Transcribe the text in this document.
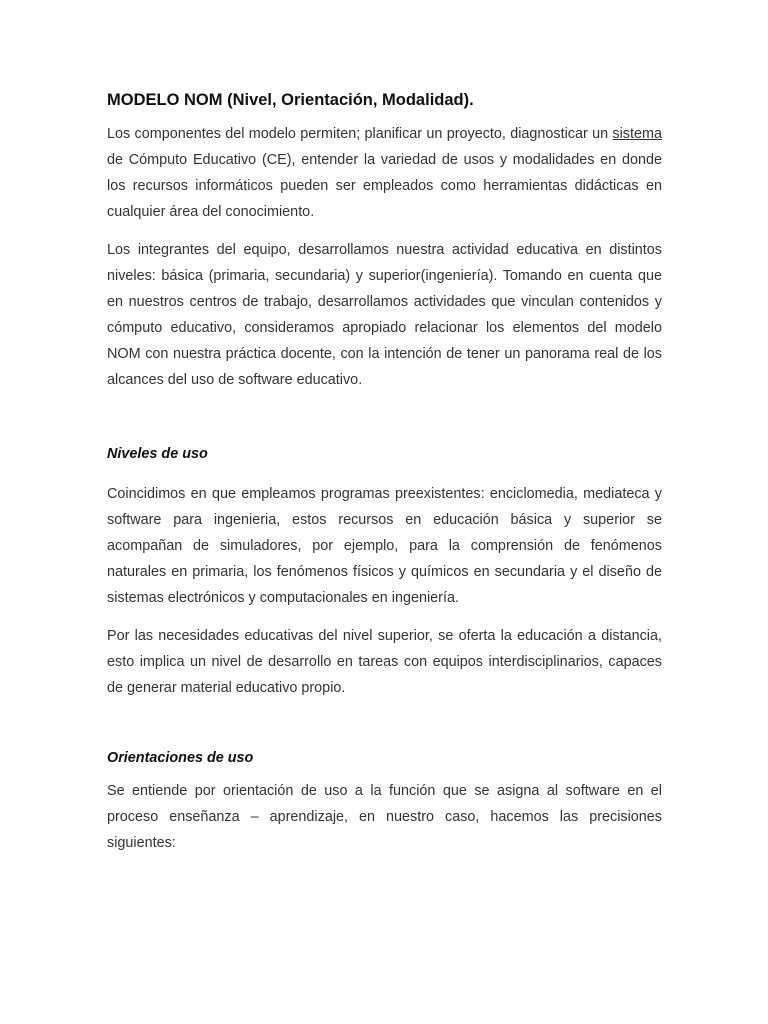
MODELO NOM (Nivel, Orientación, Modalidad).

Los componentes del modelo permiten; planificar un proyecto, diagnosticar un sistema de Cómputo Educativo (CE), entender la variedad de usos y modalidades en donde los recursos informáticos pueden ser empleados como herramientas didácticas en cualquier área del conocimiento.

Los integrantes del equipo, desarrollamos nuestra actividad educativa en distintos niveles: básica (primaria, secundaria) y superior(ingeniería). Tomando en cuenta que en nuestros centros de trabajo, desarrollamos actividades que vinculan contenidos y cómputo educativo, consideramos apropiado relacionar los elementos del modelo NOM con nuestra práctica docente, con la intención de tener un panorama real de los alcances del uso de software educativo.

Niveles de uso

Coincidimos en que empleamos programas preexistentes: enciclomedia, mediateca y software para ingenieria, estos recursos en educación básica y superior se acompañan de simuladores, por ejemplo, para la comprensión de fenómenos naturales en primaria, los fenómenos físicos y químicos en secundaria y el diseño de sistemas electrónicos y computacionales en ingeniería.

Por las necesidades educativas del nivel superior, se oferta la educación a distancia, esto implica un nivel de desarrollo en tareas con equipos interdisciplinarios, capaces de generar material educativo propio.

Orientaciones de uso

Se entiende por orientación de uso a la función que se asigna al software en el proceso enseñanza – aprendizaje, en nuestro caso, hacemos las precisiones siguientes:
